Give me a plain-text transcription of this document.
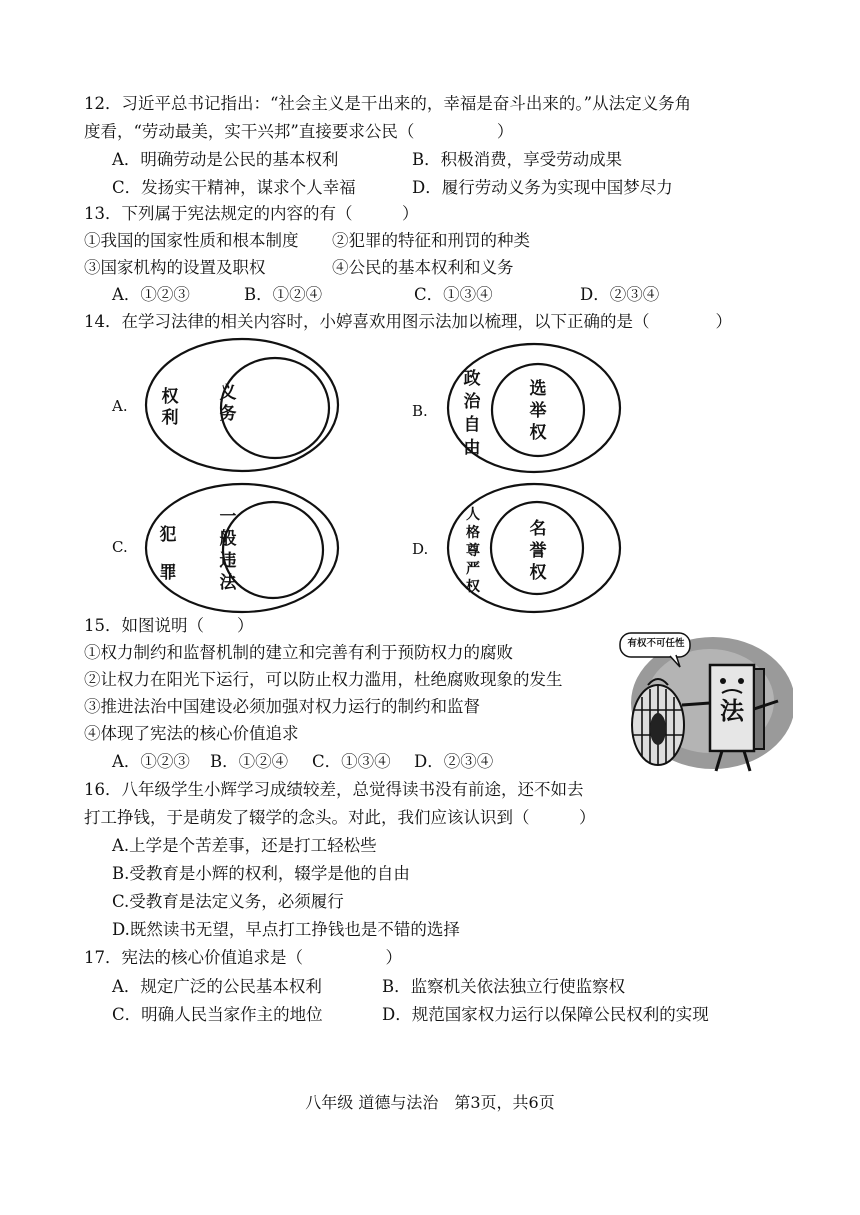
12．习近平总书记指出：“社会主义是干出来的，幸福是奋斗出来的。”从法定义务角
度看，“劳动最美，实干兴邦”直接要求公民（　　　　　）
A．明确劳动是公民的基本权利	B．积极消费，享受劳动成果
C．发扬实干精神，谋求个人幸福	D．履行劳动义务为实现中国梦尽力
13．下列属于宪法规定的内容的有（　　　）
①我国的国家性质和根本制度 ②犯罪的特征和刑罚的种类
③国家机构的设置及职权	④公民的基本权利和义务
A．①②③	B．①②④	C．①③④	D．②③④
14．在学习法律的相关内容时，小婷喜欢用图示法加以梳理，以下正确的是（　　　　）
A. 权利
义务	B.
政治自由
选举权
C.
犯罪
一般违法
D.
人格尊严权
名誉权
15．如图说明（　　）
①权力制约和监督机制的建立和完善有利于预防权力的腐败
②让权力在阳光下运行，可以防止权力滥用，杜绝腐败现象的发生
③推进法治中国建设必须加强对权力运行的制约和监督
④体现了宪法的核心价值追求
A．①②③ B．①②④ C．①③④ D．②③④
有权不可任性
法
16．八年级学生小辉学习成绩较差，总觉得读书没有前途，还不如去
打工挣钱，于是萌发了辍学的念头。对此，我们应该认识到（　　　）
A.上学是个苦差事，还是打工轻松些
B.受教育是小辉的权利，辍学是他的自由
C.受教育是法定义务，必须履行
D.既然读书无望，早点打工挣钱也是不错的选择
17．宪法的核心价值追求是（　　　　　）
A．规定广泛的公民基本权利	B．监察机关依法独立行使监察权
C．明确人民当家作主的地位	D．规范国家权力运行以保障公民权利的实现
八年级 道德与法治　第3页，共6页
